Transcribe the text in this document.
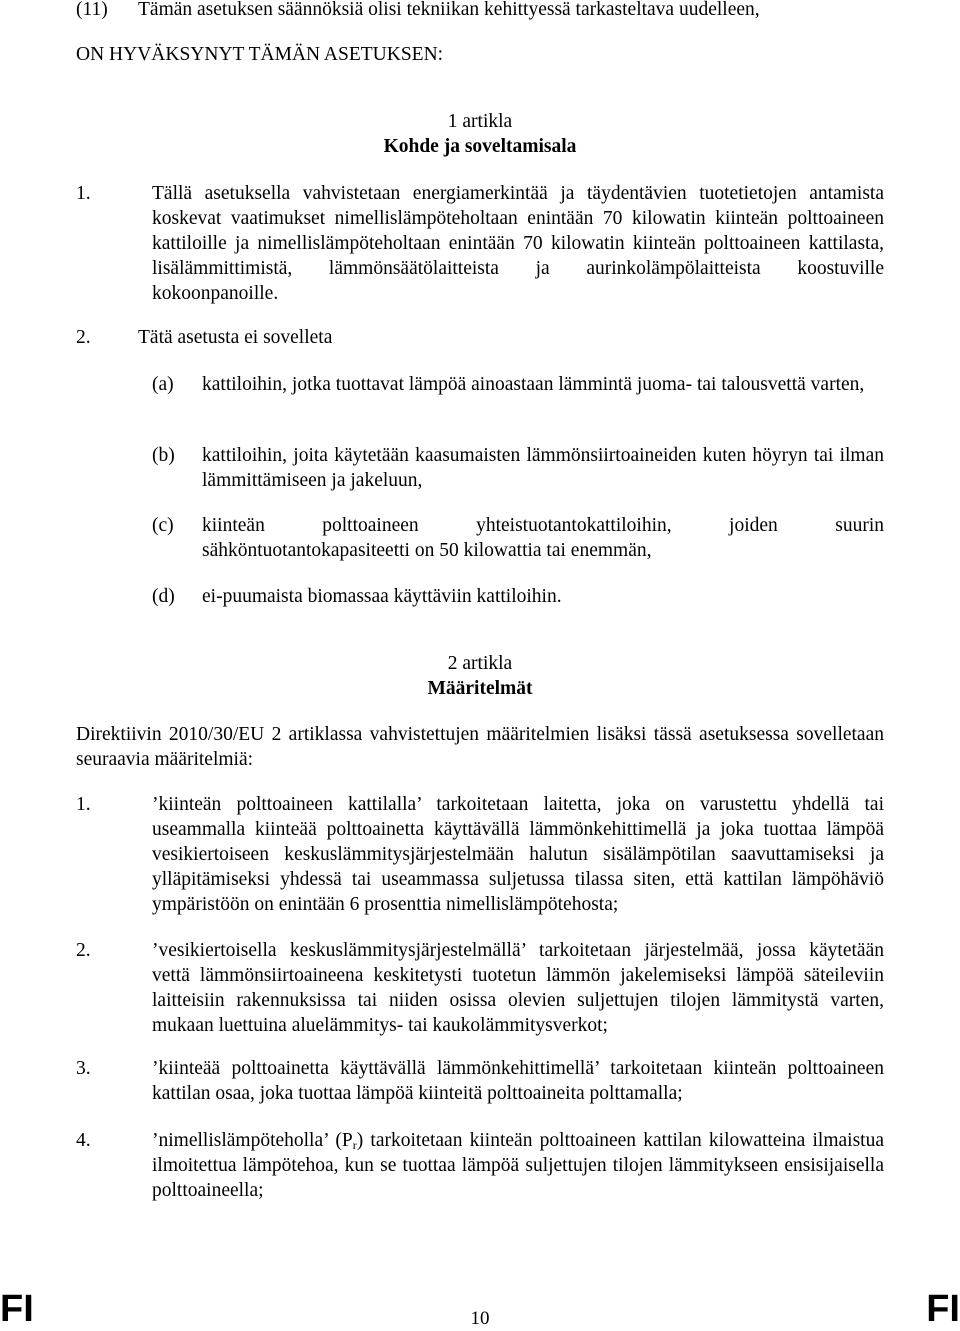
(11) Tämän asetuksen säännöksiä olisi tekniikan kehittyessä tarkasteltava uudelleen,
ON HYVÄKSYNYT TÄMÄN ASETUKSEN:
1 artikla
Kohde ja soveltamisala
1.	Tällä asetuksella vahvistetaan energiamerkintää ja täydentävien tuotetietojen antamista koskevat vaatimukset nimellislämpöteholtaan enintään 70 kilowatin kiinteän polttoaineen kattiloille ja nimellislämpöteholtaan enintään 70 kilowatin kiinteän polttoaineen kattilasta, lisälämmittimistä, lämmönsäätölaitteista ja aurinkolämpölaitteista koostuville kokoonpanoille.
2. Tätä asetusta ei sovelleta
(a) kattiloihin, jotka tuottavat lämpöä ainoastaan lämmintä juoma- tai talousvettä varten,
(b) kattiloihin, joita käytetään kaasumaisten lämmönsiirtoaineiden kuten höyryn tai ilman lämmittämiseen ja jakeluun,
(c) kiinteän polttoaineen yhteistuotantokattiloihin, joiden suurin sähköntuotantokapasiteetti on 50 kilowattia tai enemmän,
(d) ei-puumaista biomassaa käyttäviin kattiloihin.
2 artikla
Määritelmät
Direktiivin 2010/30/EU 2 artiklassa vahvistettujen määritelmien lisäksi tässä asetuksessa sovelletaan seuraavia määritelmiä:
1.	’kiinteän polttoaineen kattilalla’ tarkoitetaan laitetta, joka on varustettu yhdellä tai useammalla kiinteää polttoainetta käyttävällä lämmönkehittimellä ja joka tuottaa lämpöä vesikiertoiseen keskuslämmitysjärjestelmään halutun sisälämpötilan saavuttamiseksi ja ylläpitämiseksi yhdessä tai useammassa suljetussa tilassa siten, että kattilan lämpöhäviö ympäristöön on enintään 6 prosenttia nimellislämpötehosta;
2.	’vesikiertoisella keskuslämmitysjärjestelmällä’ tarkoitetaan järjestelmää, jossa käytetään vettä lämmönsiirtoaineena keskitetysti tuotetun lämmön jakelemiseksi lämpöä säteileviin laitteisiin rakennuksissa tai niiden osissa olevien suljettujen tilojen lämmitystä varten, mukaan luettuina aluelämmitys- tai kaukolämmitysverkot;
3.	’kiinteää polttoainetta käyttävällä lämmönkehittimellä’ tarkoitetaan kiinteän polttoaineen kattilan osaa, joka tuottaa lämpöä kiinteitä polttoaineita polttamalla;
4.	’nimellislämpöteholla’ $(P_r)$ tarkoitetaan kiinteän polttoaineen kattilan kilowatteina ilmaistua ilmoitettua lämpötehoa, kun se tuottaa lämpöä suljettujen tilojen lämmitykseen ensisijaisella polttoaineella;
FI	10	FI
